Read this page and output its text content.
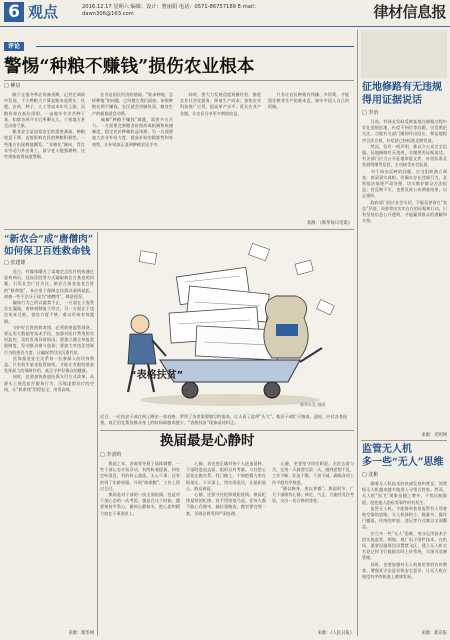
6 观点	2016.12.17 星期六 编辑：设计：曹丽娟 电话：0571-86757189 E-mail：dawn306@163.com	律材信息报
评论
警惕“种粮不赚钱”损伤农业根本
□ 柳泉

　　眼下正值冬季农资备货期，记者在调研中发现，不少种粮大户算起账来直摇头：化肥、农药、种子、人工等成本年年上涨，而粮价却在低位徘徊，一亩地辛辛苦苦种下来，扣除各项开支后所剩无几，个别地方甚至出现亏损。

　　粮食安全是国家安全的重要基础。种粮收益下降，直接影响农民的种粮积极性。一些地方出现耕地撂荒、“非粮化”倾向，青壮年劳动力外出务工，留守老人勉强耕种，这些现象值得高度警惕。

　　农业是国民经济的基础。“谁来种地、怎样种地”的问题，已经摆在我们面前。如果种粮长期不赚钱，农民就会用脚投票，粮食生产的根基就会动摇。

　　破解“种粮不赚钱”难题，需要多方合力。一方面要完善粮食价格形成机制和收储制度，稳定农民种粮收益预期；另一方面要加大农业补贴力度，提高补贴的精准性和有效性，让补贴真正落到种粮农民手中。

　　同时，要大力发展适度规模经营，推进农业社会化服务，降低生产成本；加快农业科技推广应用，提高单产水平；延长农业产业链，让农民分享更多增值收益。

　　只有让农民种粮有钱赚、多得利，才能稳住粮食生产的基本盘，端牢中国人自己的饭碗。

来源：《新华每日电讯》
“新农合”成“唐僧肉”
如何保卫百姓救命钱
□ 张建雄

　　近日，有媒体曝光了某地定点医疗机构通过虚构病历、挂床住院等方式骗取新农合基金的问题，引发社会广泛关注。新农合基金是老百姓的“救命钱”，本应用于保障农民群众看病就医，却被一些不法分子视为“唐僧肉”，肆意侵吞。

　　骗保行为之所以屡禁不止，一方面在于监管存在漏洞，审核机制流于形式；另一方面在于违法成本过低，查处力度不够，难以形成有效震慑。

　　守护好百姓的救命钱，必须织密监管网络。要运用大数据等技术手段，加强对医疗费用的实时监控，及时发现异常情况；要建立健全举报奖励制度，发动群众参与监督；要加大对违法违规行为的惩处力度，让骗保者付出沉重代价。

　　医保基金安全关系每一位参保人的切身利益。只有筑牢基金监管防线，才能让有限的基金发挥最大的保障作用，真正守护好群众的健康。

　　同时，也要加快推进医保支付方式改革，从源头上规范医疗服务行为，压缩虚假诊疗的空间，让“救命钱”用得安全、用得高效。

来源：新华网
“表格扶贫”
新华社发 漫画
近日，一位扶贫干部在网上晒出一张表格，罗列了各类需要填写的报表，让人看了直呼“头大”。基层干部忙于填表、迎检、应付各类检查，真正用在帮扶群众身上的时间却越来越少，“表格扶贫”现象亟待纠正。
换届最是心静时
□ 李清鸣

　　换届之年，各地领导班子陆续调整。一些干部心态开始浮动，有的盼着提拔，四处打听消息；有的担心落选，无心干事；还有的到了年龄界限，开始“歇歇脚”，工作上得过且过。

　　换届是对干部的一次全面检阅，也是对干部心态的一次考验。越是在这个时候，越要保持平常心，做到心静如水，把心思和精力放在干事创业上。

　　心静，首先要正确对待个人进退留转。干部的进退去留，组织自有考量。与其把心思花在跑关系、找门路上，不如把精力用在抓落实、干实事上，用实绩说话，让组织放心、群众满意。

　　心静，还要守住纪律规矩底线。换届纪律是铁的纪律，容不得丝毫马虎。任何人都不能心存侥幸，搞拉票贿选、跑官要官那一套，否则必将受到严肃处理。

　　心静，更要坚守岗位职责。无论去留与否，在岗一天就要尽责一天，做到思想不乱、工作不断、队伍不散、干劲不减，确保各项工作平稳有序推进。

　　“静以修身，俭以养德”。换届时节，广大干部唯有心静、神定、气正，方能经受住考验，交出一份合格的答卷。

来源：《人民日报》
征地修路有无违规得用证据说话
□ 李治

　　日前，有网友发帖反映某地在修路过程中存在违规征地、补偿不到位等问题，引发舆论关注。当地有关部门随即作出回应，称征地程序合法合规，补偿款已按标准足额发放。

　　然而，仅有一纸声明，难以令公众完全信服。征地修路有无违规，关键要用证据说话。有关部门应当公开征地审批文件、补偿标准及发放明细等信息，主动接受社会监督。

　　对于网友反映的问题，应当组织独立调查，查清事实真相。若确实存在违规行为，必须依法依规严肃处理，切实维护群众合法权益；若反映不实，也要及时公布调查结果，以正视听。

　　政府部门回应社会关切，不能仅停留在“表态”层面，而要拿出实实在在的证据和行动。只有坚持信息公开透明，才能赢得群众的理解和支持。

来源：光明网
监管无人机
多一些“无人”思维
□ 沈彬

　　随着无人机技术的快速发展和普及，消费级无人机越来越多地进入寻常百姓家。然而，无人机“黑飞”现象也随之增多，干扰民航航班、侵犯他人隐私等事件时有发生。

　　监管无人机，不能简单套用监管有人驾驶航空器的思路。无人机体积小、数量多、操作门槛低，传统的审批、登记等方式难以全面覆盖。

　　应当多一些“无人”思维，充分运用技术手段实施监管。例如，推广电子围栏技术，在机场、重要设施周边设置禁飞区；建立无人机实名登记和飞行数据实时上传系统，实现可追溯管理。

　　同时，也要加强对无人机使用者的宣传教育，增强其守法意识和安全意识，让无人机在规范有序的轨道上健康发展。

来源：新京报
